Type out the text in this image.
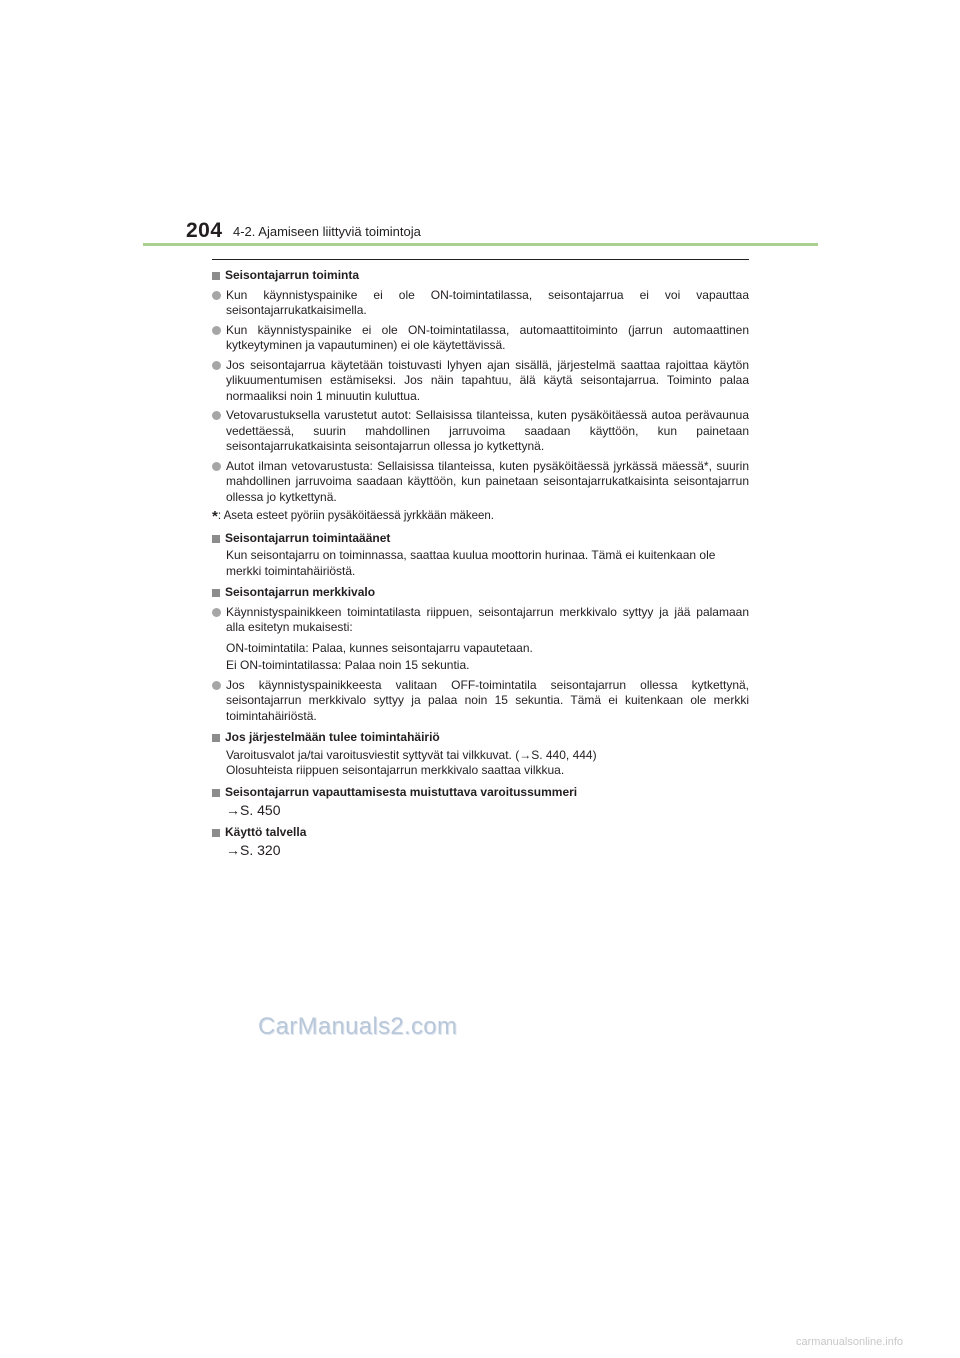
204 4-2. Ajamiseen liittyviä toimintoja
Seisontajarrun toiminta
Kun käynnistyspainike ei ole ON-toimintatilassa, seisontajarrua ei voi vapauttaa seisontajarrukatkaisimella.
Kun käynnistyspainike ei ole ON-toimintatilassa, automaattitoiminto (jarrun automaattinen kytkeytyminen ja vapautuminen) ei ole käytettävissä.
Jos seisontajarrua käytetään toistuvasti lyhyen ajan sisällä, järjestelmä saattaa rajoittaa käytön ylikuumentumisen estämiseksi. Jos näin tapahtuu, älä käytä seisontajarrua. Toiminto palaa normaaliksi noin 1 minuutin kuluttua.
Vetovarustuksella varustetut autot: Sellaisissa tilanteissa, kuten pysäköitäessä autoa perävaunua vedettäessä, suurin mahdollinen jarruvoima saadaan käyttöön, kun painetaan seisontajarrukatkaisinta seisontajarrun ollessa jo kytkettynä.
Autot ilman vetovarustusta: Sellaisissa tilanteissa, kuten pysäköitäessä jyrkässä mäessä*, suurin mahdollinen jarruvoima saadaan käyttöön, kun painetaan seisontajarrukatkaisinta seisontajarrun ollessa jo kytkettynä.
*: Aseta esteet pyöriin pysäköitäessä jyrkkään mäkeen.
Seisontajarrun toimintaäänet
Kun seisontajarru on toiminnassa, saattaa kuulua moottorin hurinaa. Tämä ei kuitenkaan ole merkki toimintahäiriöstä.
Seisontajarrun merkkivalo
Käynnistyspainikkeen toimintatilasta riippuen, seisontajarrun merkkivalo syttyy ja jää palamaan alla esitetyn mukaisesti:
ON-toimintatila: Palaa, kunnes seisontajarru vapautetaan.
Ei ON-toimintatilassa: Palaa noin 15 sekuntia.
Jos käynnistyspainikkeesta valitaan OFF-toimintatila seisontajarrun ollessa kytkettynä, seisontajarrun merkkivalo syttyy ja palaa noin 15 sekuntia. Tämä ei kuitenkaan ole merkki toimintahäiriöstä.
Jos järjestelmään tulee toimintahäiriö
Varoitusvalot ja/tai varoitusviestit syttyvät tai vilkkuvat. (→S. 440, 444)
Olosuhteista riippuen seisontajarrun merkkivalo saattaa vilkkua.
Seisontajarrun vapauttamisesta muistuttava varoitussummeri
→S. 450
Käyttö talvella
→S. 320
CarManuals2.com
carmanualsonline.info
